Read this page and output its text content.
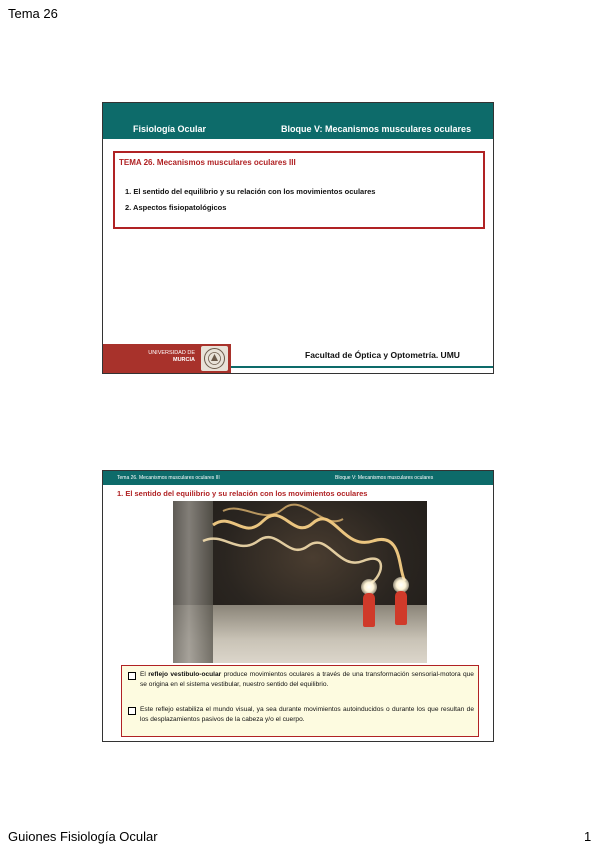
Tema 26
Fisiología Ocular	Bloque V: Mecanismos musculares oculares
TEMA 26. Mecanismos musculares oculares III
1. El sentido del equilibrio y su relación con los movimientos oculares
2. Aspectos fisiopatológicos
UNIVERSIDAD DE
MURCIA	Facultad de Óptica y Optometría. UMU
Tema 26. Mecanismos musculares oculares III	Bloque V: Mecanismos musculares oculares
1. El sentido del equilibrio y su relación con los movimientos oculares
El reflejo vestibulo-ocular produce movimientos oculares a través de una transformación sensorial-motora que se origina en el sistema vestibular, nuestro sentido del equilibrio.
Este reflejo estabiliza el mundo visual, ya sea durante movimientos autoinducidos o durante los que resultan de los desplazamientos pasivos de la cabeza y/o el cuerpo.
Guiones Fisiología Ocular	1
